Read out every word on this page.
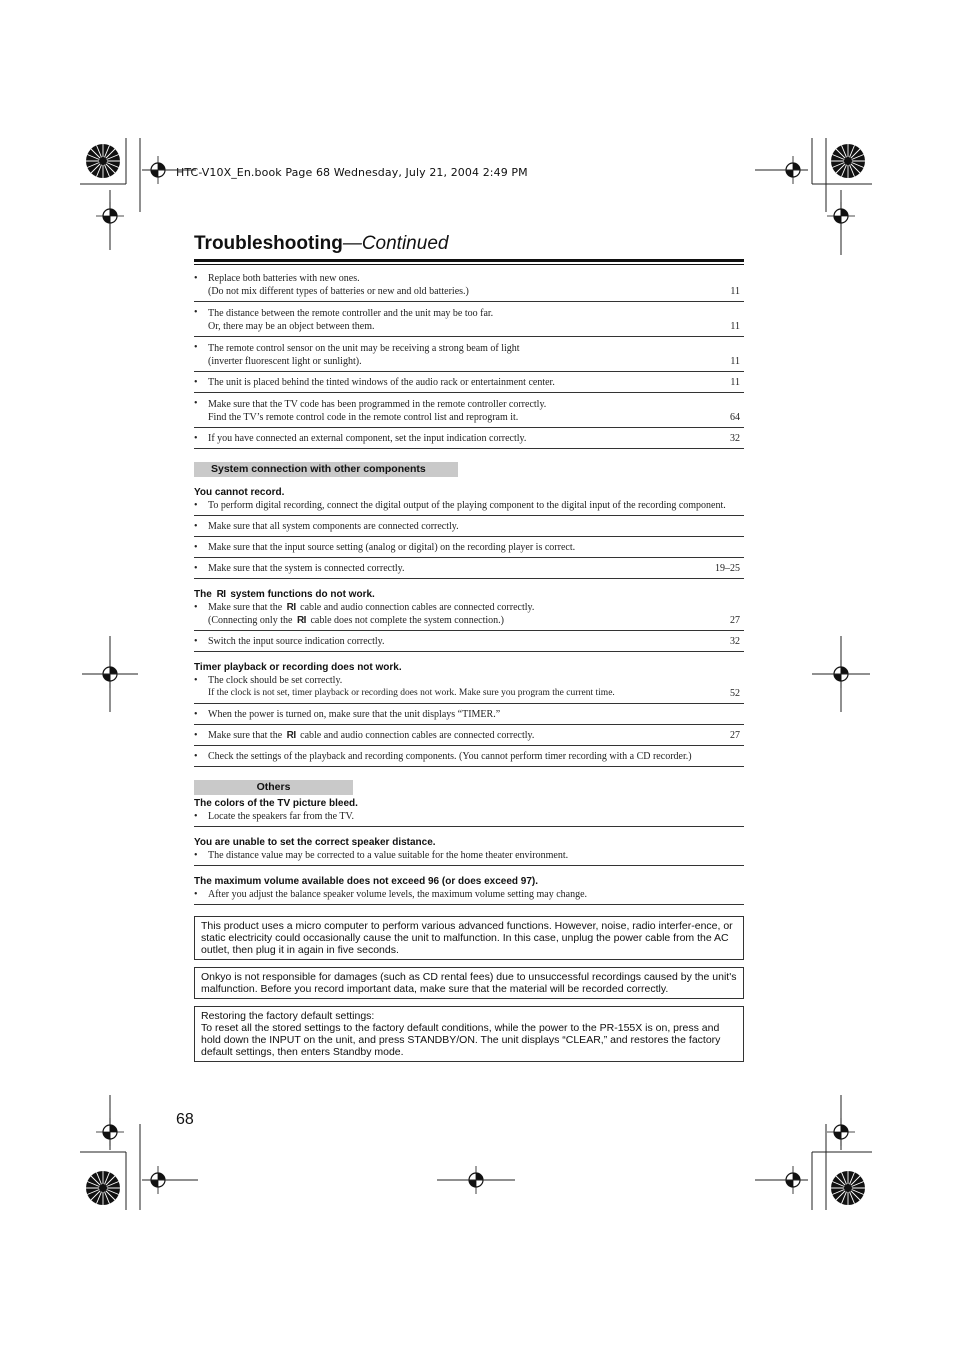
HTC-V10X_En.book Page 68 Wednesday, July 21, 2004 2:49 PM
Troubleshooting—Continued
• Replace both batteries with new ones.
(Do not mix different types of batteries or new and old batteries.)	11
• The distance between the remote controller and the unit may be too far.
Or, there may be an object between them.	11
• The remote control sensor on the unit may be receiving a strong beam of light
(inverter fluorescent light or sunlight).	11
• The unit is placed behind the tinted windows of the audio rack or entertainment center.	11
• Make sure that the TV code has been programmed in the remote controller correctly.
Find the TV’s remote control code in the remote control list and reprogram it.	64
• If you have connected an external component, set the input indication correctly.	32
System connection with other components
You cannot record.
• To perform digital recording, connect the digital output of the playing component to the digital input of the recording component.
• Make sure that all system components are connected correctly.
• Make sure that the input source setting (analog or digital) on the recording player is correct.
• Make sure that the system is connected correctly.	19–25
The RI system functions do not work.
• Make sure that the RI cable and audio connection cables are connected correctly.
(Connecting only the RI cable does not complete the system connection.)	27
• Switch the input source indication correctly.	32
Timer playback or recording does not work.
• The clock should be set correctly.
If the clock is not set, timer playback or recording does not work. Make sure you program the current time.	52
• When the power is turned on, make sure that the unit displays “TIMER.”
• Make sure that the RI cable and audio connection cables are connected correctly.	27
• Check the settings of the playback and recording components. (You cannot perform timer recording with a CD recorder.)
Others
The colors of the TV picture bleed.
• Locate the speakers far from the TV.
You are unable to set the correct speaker distance.
• The distance value may be corrected to a value suitable for the home theater environment.
The maximum volume available does not exceed 96 (or does exceed 97).
• After you adjust the balance speaker volume levels, the maximum volume setting may change.
This product uses a micro computer to perform various advanced functions. However, noise, radio interfer-ence, or static electricity could occasionally cause the unit to malfunction. In this case, unplug the power cable from the AC outlet, then plug it in again in five seconds.
Onkyo is not responsible for damages (such as CD rental fees) due to unsuccessful recordings caused by the unit's malfunction. Before you record important data, make sure that the material will be recorded correctly.
Restoring the factory default settings:
To reset all the stored settings to the factory default conditions, while the power to the PR-155X is on, press and hold down the INPUT on the unit, and press STANDBY/ON. The unit displays “CLEAR,” and restores the factory default settings, then enters Standby mode.
68
